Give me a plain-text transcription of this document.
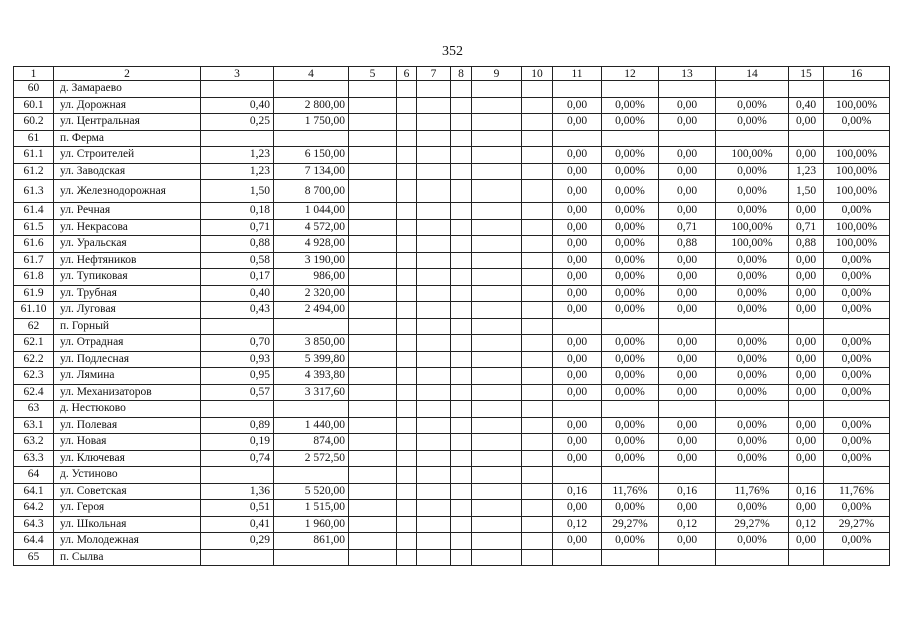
352
1	2	3	4	5	6	7	8	9	10	11	12	13	14	15	16
60	д. Замараево														
60.1	ул. Дорожная	0,40	2 800,00							0,00	0,00%	0,00	0,00%	0,40	100,00%
60.2	ул. Центральная	0,25	1 750,00							0,00	0,00%	0,00	0,00%	0,00	0,00%
61	п. Ферма														
61.1	ул. Строителей	1,23	6 150,00							0,00	0,00%	0,00	100,00%	0,00	100,00%
61.2	ул. Заводская	1,23	7 134,00							0,00	0,00%	0,00	0,00%	1,23	100,00%
61.3	ул. Железнодорожная	1,50	8 700,00							0,00	0,00%	0,00	0,00%	1,50	100,00%
61.4	ул. Речная	0,18	1 044,00							0,00	0,00%	0,00	0,00%	0,00	0,00%
61.5	ул. Некрасова	0,71	4 572,00							0,00	0,00%	0,71	100,00%	0,71	100,00%
61.6	ул. Уральская	0,88	4 928,00							0,00	0,00%	0,88	100,00%	0,88	100,00%
61.7	ул. Нефтяников	0,58	3 190,00							0,00	0,00%	0,00	0,00%	0,00	0,00%
61.8	ул. Тупиковая	0,17	986,00							0,00	0,00%	0,00	0,00%	0,00	0,00%
61.9	ул. Трубная	0,40	2 320,00							0,00	0,00%	0,00	0,00%	0,00	0,00%
61.10	ул. Луговая	0,43	2 494,00							0,00	0,00%	0,00	0,00%	0,00	0,00%
62	п. Горный														
62.1	ул. Отрадная	0,70	3 850,00							0,00	0,00%	0,00	0,00%	0,00	0,00%
62.2	ул. Подлесная	0,93	5 399,80							0,00	0,00%	0,00	0,00%	0,00	0,00%
62.3	ул. Лямина	0,95	4 393,80							0,00	0,00%	0,00	0,00%	0,00	0,00%
62.4	ул. Механизаторов	0,57	3 317,60							0,00	0,00%	0,00	0,00%	0,00	0,00%
63	д. Нестюково														
63.1	ул. Полевая	0,89	1 440,00							0,00	0,00%	0,00	0,00%	0,00	0,00%
63.2	ул. Новая	0,19	874,00							0,00	0,00%	0,00	0,00%	0,00	0,00%
63.3	ул. Ключевая	0,74	2 572,50							0,00	0,00%	0,00	0,00%	0,00	0,00%
64	д. Устиново														
64.1	ул. Советская	1,36	5 520,00							0,16	11,76%	0,16	11,76%	0,16	11,76%
64.2	ул. Героя	0,51	1 515,00							0,00	0,00%	0,00	0,00%	0,00	0,00%
64.3	ул. Школьная	0,41	1 960,00							0,12	29,27%	0,12	29,27%	0,12	29,27%
64.4	ул. Молодежная	0,29	861,00							0,00	0,00%	0,00	0,00%	0,00	0,00%
65	п. Сылва														
